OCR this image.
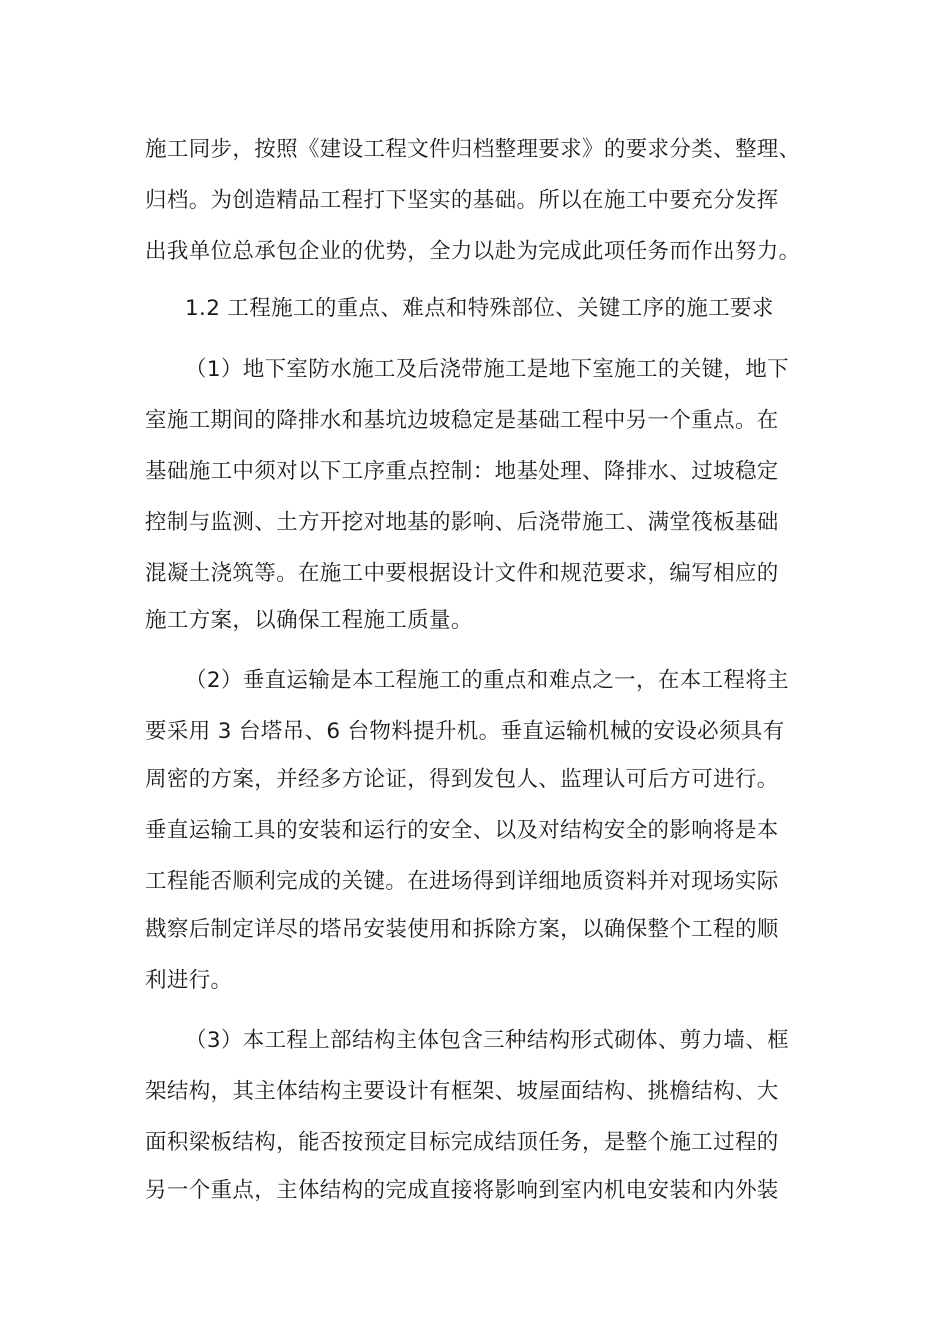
施工同步，按照《建设工程文件归档整理要求》的要求分类、整理、
归档。为创造精品工程打下坚实的基础。所以在施工中要充分发挥
出我单位总承包企业的优势，全力以赴为完成此项任务而作出努力。
1.2 工程施工的重点、难点和特殊部位、关键工序的施工要求
（1）地下室防水施工及后浇带施工是地下室施工的关键，地下
室施工期间的降排水和基坑边坡稳定是基础工程中另一个重点。在
基础施工中须对以下工序重点控制：地基处理、降排水、过坡稳定
控制与监测、土方开挖对地基的影响、后浇带施工、满堂筏板基础
混凝土浇筑等。在施工中要根据设计文件和规范要求，编写相应的
施工方案，以确保工程施工质量。
（2）垂直运输是本工程施工的重点和难点之一，在本工程将主
要采用 3 台塔吊、6 台物料提升机。垂直运输机械的安设必须具有
周密的方案，并经多方论证，得到发包人、监理认可后方可进行。
垂直运输工具的安装和运行的安全、以及对结构安全的影响将是本
工程能否顺利完成的关键。在进场得到详细地质资料并对现场实际
戡察后制定详尽的塔吊安装使用和拆除方案，以确保整个工程的顺
利进行。
（3）本工程上部结构主体包含三种结构形式砌体、剪力墙、框
架结构，其主体结构主要设计有框架、坡屋面结构、挑檐结构、大
面积梁板结构，能否按预定目标完成结顶任务，是整个施工过程的
另一个重点，主体结构的完成直接将影响到室内机电安装和内外装
